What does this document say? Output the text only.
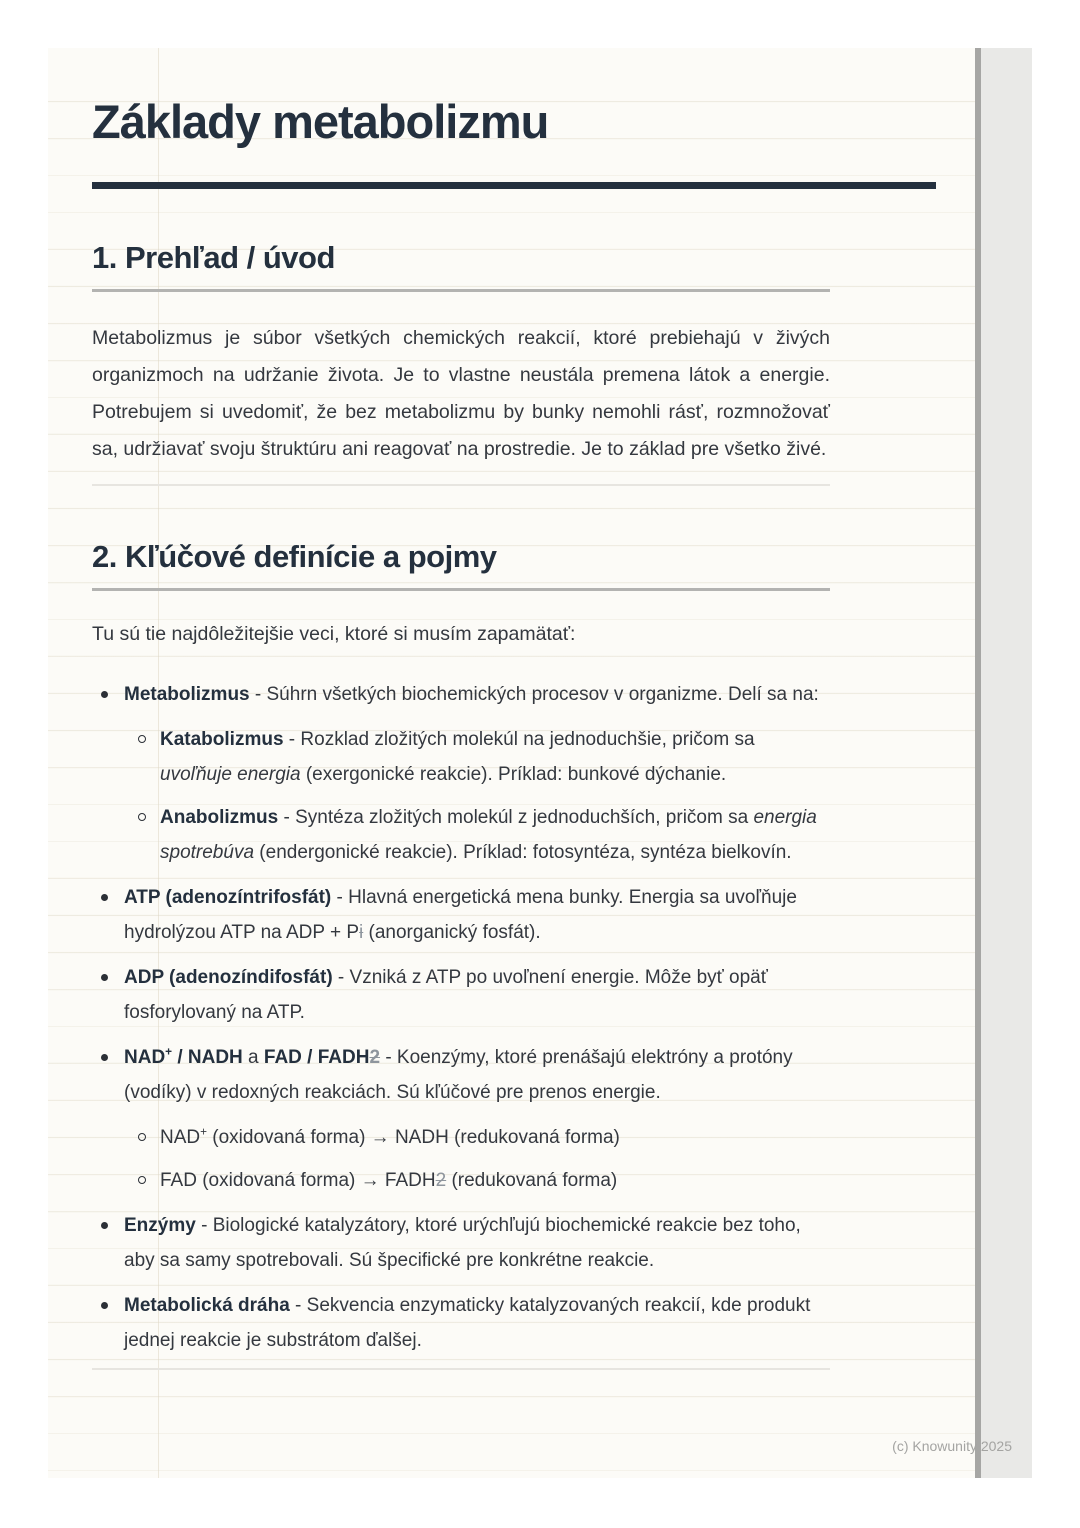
Základy metabolizmu
1. Prehľad / úvod

Metabolizmus je súbor všetkých chemických reakcií, ktoré prebiehajú v živých organizmoch na udržanie života. Je to vlastne neustála premena látok a energie. Potrebujem si uvedomiť, že bez metabolizmu by bunky nemohli rásť, rozmnožovať sa, udržiavať svoju štruktúru ani reagovať na prostredie. Je to základ pre všetko živé.

2. Kľúčové definície a pojmy
Tu sú tie najdôležitejšie veci, ktoré si musím zapamätať:
Metabolizmus - Súhrn všetkých biochemických procesov v organizme. Delí sa na:
Katabolizmus - Rozklad zložitých molekúl na jednoduchšie, pričom sa uvoľňuje energia (exergonické reakcie). Príklad: bunkové dýchanie.
Anabolizmus - Syntéza zložitých molekúl z jednoduchších, pričom sa energia spotrebúva (endergonické reakcie). Príklad: fotosyntéza, syntéza bielkovín.
ATP (adenozíntrifosfát) - Hlavná energetická mena bunky. Energia sa uvoľňuje hydrolýzou ATP na ADP + Pi (anorganický fosfát).
ADP (adenozíndifosfát) - Vzniká z ATP po uvoľnení energie. Môže byť opäť fosforylovaný na ATP.
NAD+ / NADH a FAD / FADH2 - Koenzýmy, ktoré prenášajú elektróny a protóny (vodíky) v redoxných reakciách. Sú kľúčové pre prenos energie.
NAD+ (oxidovaná forma) → NADH (redukovaná forma)
FAD (oxidovaná forma) → FADH2 (redukovaná forma)
Enzýmy - Biologické katalyzátory, ktoré urýchľujú biochemické reakcie bez toho, aby sa samy spotrebovali. Sú špecifické pre konkrétne reakcie.
Metabolická dráha - Sekvencia enzymaticky katalyzovaných reakcií, kde produkt jednej reakcie je substrátom ďalšej.
(c) Knowunity 2025
